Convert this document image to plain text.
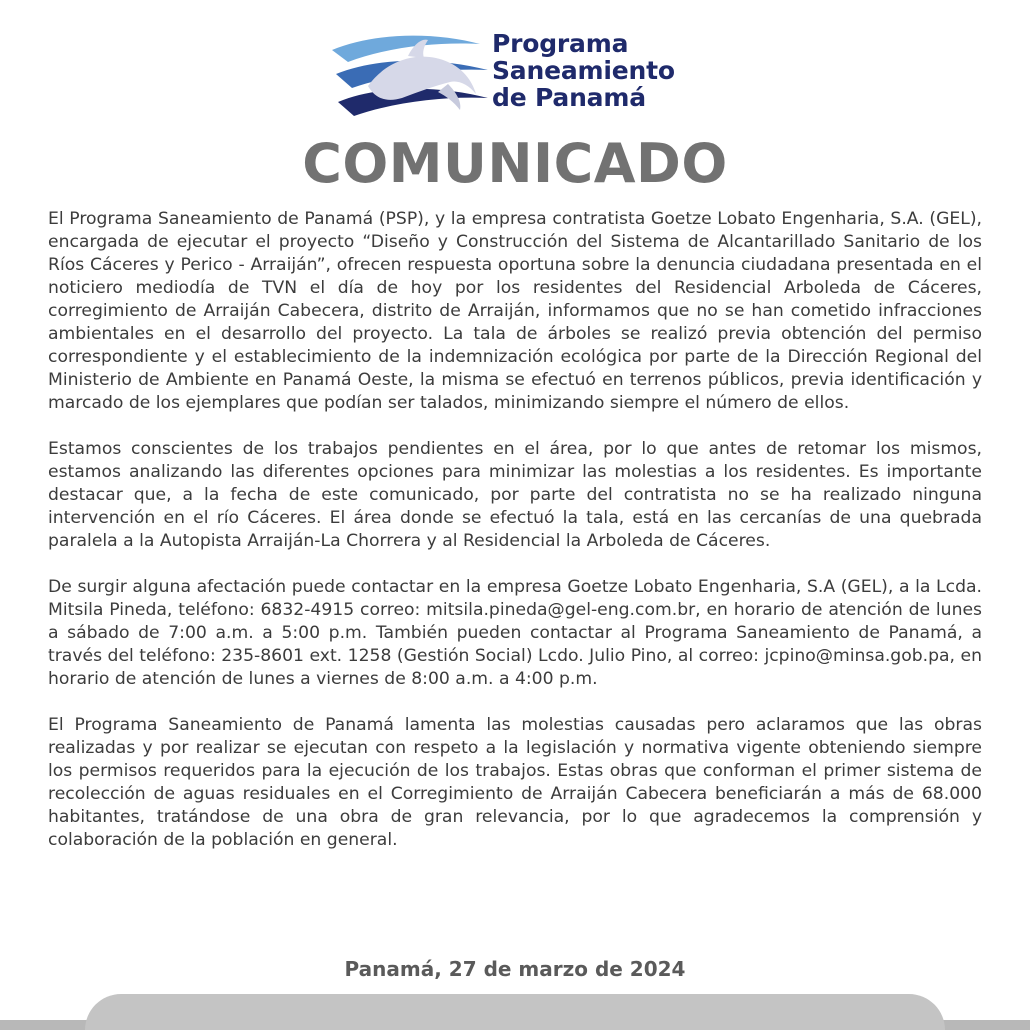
Programa
Saneamiento
de Panamá
COMUNICADO

El Programa Saneamiento de Panamá (PSP), y la empresa contratista Goetze Lobato Engenharia, S.A. (GEL), encargada de ejecutar el proyecto “Diseño y Construcción del Sistema de Alcantarillado Sanitario de los Ríos Cáceres y Perico - Arraiján”, ofrecen respuesta oportuna sobre la denuncia ciudadana presentada en el noticiero mediodía de TVN el día de hoy por los residentes del Residencial Arboleda de Cáceres, corregimiento de Arraiján Cabecera, distrito de Arraiján, informamos que no se han cometido infracciones ambientales en el desarrollo del proyecto. La tala de árboles se realizó previa obtención del permiso correspondiente y el establecimiento de la indemnización ecológica por parte de la Dirección Regional del Ministerio de Ambiente en Panamá Oeste, la misma se efectuó en terrenos públicos, previa identificación y marcado de los ejemplares que podían ser talados, minimizando siempre el número de ellos.

Estamos conscientes de los trabajos pendientes en el área, por lo que antes de retomar los mismos, estamos analizando las diferentes opciones para minimizar las molestias a los residentes. Es importante destacar que, a la fecha de este comunicado, por parte del contratista no se ha realizado ninguna intervención en el río Cáceres. El área donde se efectuó la tala, está en las cercanías de una quebrada paralela a la Autopista Arraiján-La Chorrera y al Residencial la Arboleda de Cáceres.

De surgir alguna afectación puede contactar en la empresa Goetze Lobato Engenharia, S.A (GEL), a la Lcda. Mitsila Pineda, teléfono: 6832-4915 correo: mitsila.pineda@gel-eng.com.br, en horario de atención de lunes a sábado de 7:00 a.m. a 5:00 p.m. También pueden contactar al Programa Saneamiento de Panamá, a través del teléfono: 235-8601 ext. 1258 (Gestión Social) Lcdo. Julio Pino, al correo: jcpino@minsa.gob.pa, en horario de atención de lunes a viernes de 8:00 a.m. a 4:00 p.m.

El Programa Saneamiento de Panamá lamenta las molestias causadas pero aclaramos que las obras realizadas y por realizar se ejecutan con respeto a la legislación y normativa vigente obteniendo siempre los permisos requeridos para la ejecución de los trabajos. Estas obras que conforman el primer sistema de recolección de aguas residuales en el Corregimiento de Arraiján Cabecera beneficiarán a más de 68.000 habitantes, tratándose de una obra de gran relevancia, por lo que agradecemos la comprensión y colaboración de la población en general.

Panamá, 27 de marzo de 2024
